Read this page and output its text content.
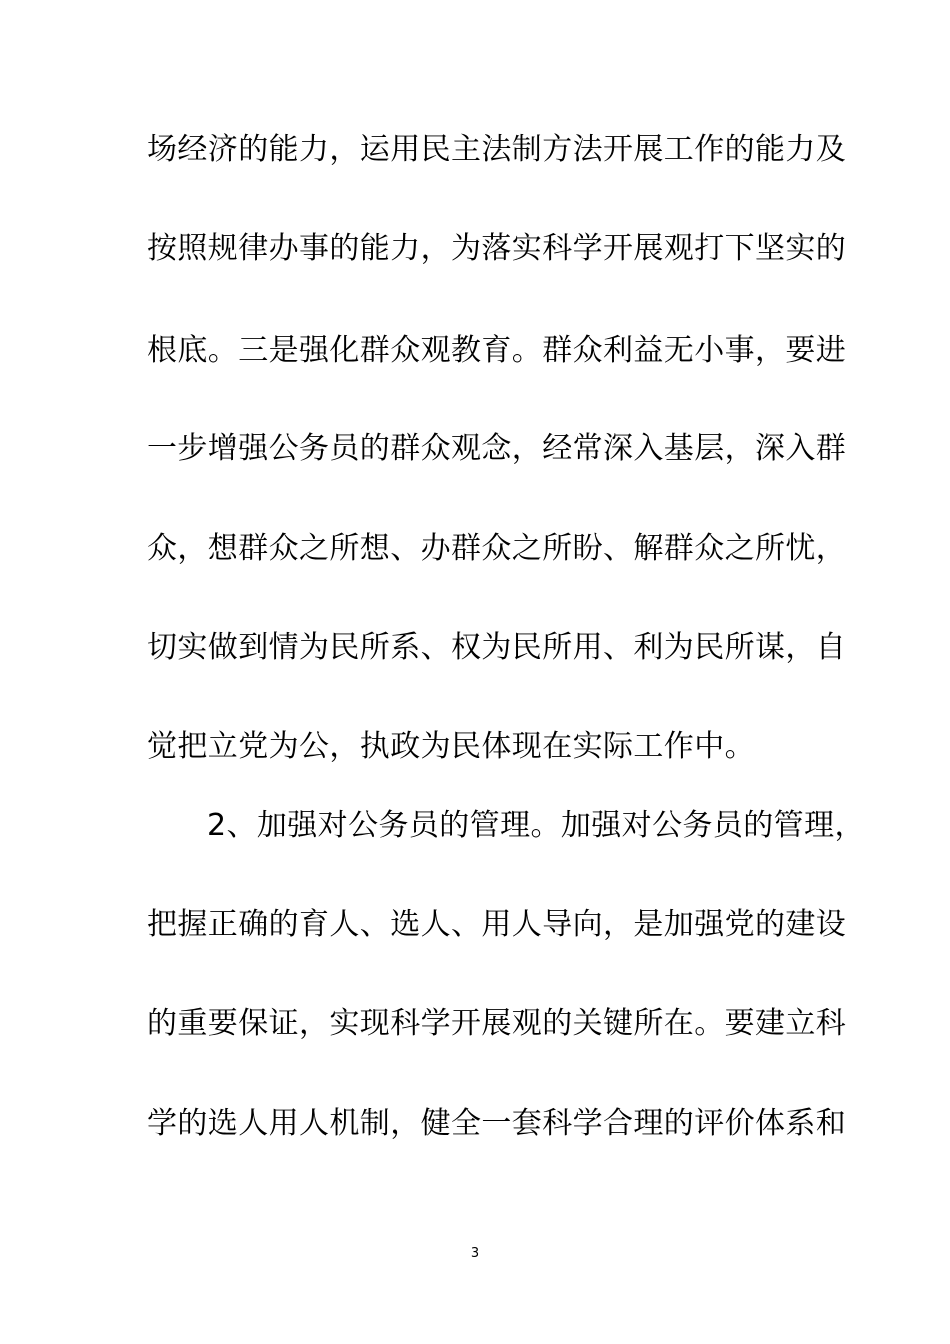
场经济的能力，运用民主法制方法开展工作的能力及
按照规律办事的能力，为落实科学开展观打下坚实的
根底。三是强化群众观教育。群众利益无小事，要进
一步增强公务员的群众观念，经常深入基层，深入群
众，想群众之所想、办群众之所盼、解群众之所忧，
切实做到情为民所系、权为民所用、利为民所谋，自
觉把立党为公，执政为民体现在实际工作中。
2、加强对公务员的管理。加强对公务员的管理，
把握正确的育人、选人、用人导向，是加强党的建设
的重要保证，实现科学开展观的关键所在。要建立科
学的选人用人机制，健全一套科学合理的评价体系和
3
